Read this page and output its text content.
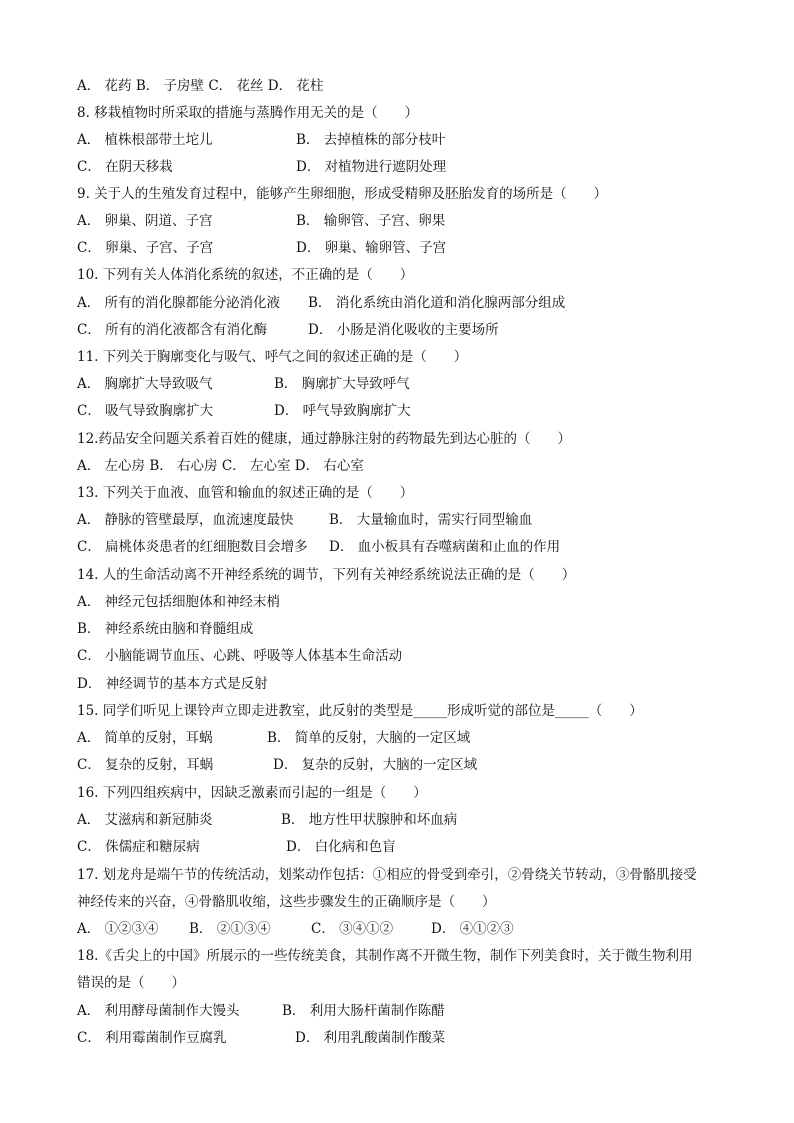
A． 花药 B． 子房壁 C． 花丝 D． 花柱
8. 移栽植物时所采取的措施与蒸腾作用无关的是（　　）
A． 植株根部带土坨儿	B． 去掉植株的部分枝叶
C． 在阴天移栽	D． 对植物进行遮阴处理
9. 关于人的生殖发育过程中，能够产生卵细胞，形成受精卵及胚胎发育的场所是（　　）
A． 卵巢、阴道、子宫	B． 输卵管、子宫、卵果
C． 卵巢、子宫、子宫	D． 卵巢、输卵管、子宫
10. 下列有关人体消化系统的叙述，不正确的是（　　）
A． 所有的消化腺都能分泌消化液 B． 消化系统由消化道和消化腺两部分组成
C． 所有的消化液都含有消化酶	D． 小肠是消化吸收的主要场所
11. 下列关于胸廓变化与吸气、呼气之间的叙述正确的是（　　）
A． 胸廓扩大导致吸气	B． 胸廓扩大导致呼气
C． 吸气导致胸廓扩大	D． 呼气导致胸廓扩大
12.药品安全问题关系着百姓的健康，通过静脉注射的药物最先到达心脏的（　　）
A． 左心房 B． 右心房 C． 左心室 D． 右心室
13. 下列关于血液、血管和输血的叙述正确的是（　　）
A． 静脉的管壁最厚，血流速度最快	B． 大量输血时，需实行同型输血
C． 扁桃体炎患者的红细胞数目会增多 D． 血小板具有吞噬病菌和止血的作用
14. 人的生命活动离不开神经系统的调节，下列有关神经系统说法正确的是（　　）
A． 神经元包括细胞体和神经末梢
B． 神经系统由脑和脊髓组成
C． 小脑能调节血压、心跳、呼吸等人体基本生命活动
D． 神经调节的基本方式是反射
15. 同学们听见上课铃声立即走进教室，此反射的类型是_____形成听觉的部位是_____（　　）
A． 简单的反射，耳蜗	B． 简单的反射，大脑的一定区域
C． 复杂的反射，耳蜗	D． 复杂的反射，大脑的一定区域
16. 下列四组疾病中，因缺乏激素而引起的一组是（　　）
A． 艾滋病和新冠肺炎	B． 地方性甲状腺肿和坏血病
C． 侏儒症和糖尿病	D． 白化病和色盲
17. 划龙舟是端午节的传统活动，划桨动作包括：①相应的骨受到牵引，②骨绕关节转动，③骨骼肌接受
神经传来的兴奋，④骨骼肌收缩，这些步骤发生的正确顺序是（　　）
A． ①②③④ B． ②①③④	C． ③④①②	D． ④①②③
18.《舌尖上的中国》所展示的一些传统美食，其制作离不开微生物，制作下列美食时，关于微生物利用
错误的是（　　）
A． 利用酵母菌制作大馒头	B． 利用大肠杆菌制作陈醋
C． 利用霉菌制作豆腐乳	D． 利用乳酸菌制作酸菜
